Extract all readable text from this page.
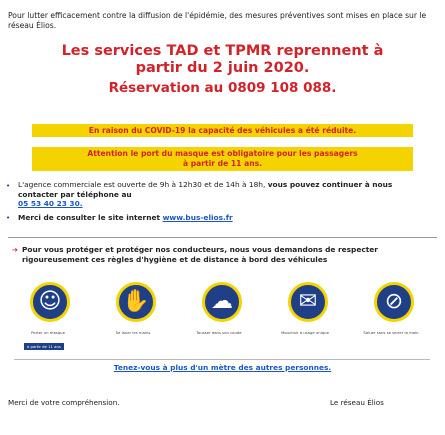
Pour lutter efficacement contre la diffusion de l'épidémie, des mesures préventives sont mises en place sur le réseau Élios.
Les services TAD et TPMR reprennent à
partir du 2 juin 2020.
Réservation au 0809 108 088.
En raison du COVID-19 la capacité des véhicules a été réduite.
Attention le port du masque est obligatoire pour les passagers
à partir de 11 ans.
• L'agence commerciale est ouverte de 9h à 12h30 et de 14h à 18h, vous pouvez continuer à nous contacter par téléphone au
05 53 40 23 30.
• Merci de consulter le site internet www.bus-elios.fr
➔ Pour vous protéger et protéger nos conducteurs, nous vous demandons de respecter rigoureusement ces règles d'hygiène et de distance à bord des véhicules
☺	✋	☁	✉	⊘
Porter un masque	Se laver les mains	Tousser dans son coude	Mouchoir à usage unique	Saluer sans se serrer la main
à partir de 11 ans
Tenez-vous à plus d'un mètre des autres personnes.
Merci de votre compréhension.	Le réseau Élios
